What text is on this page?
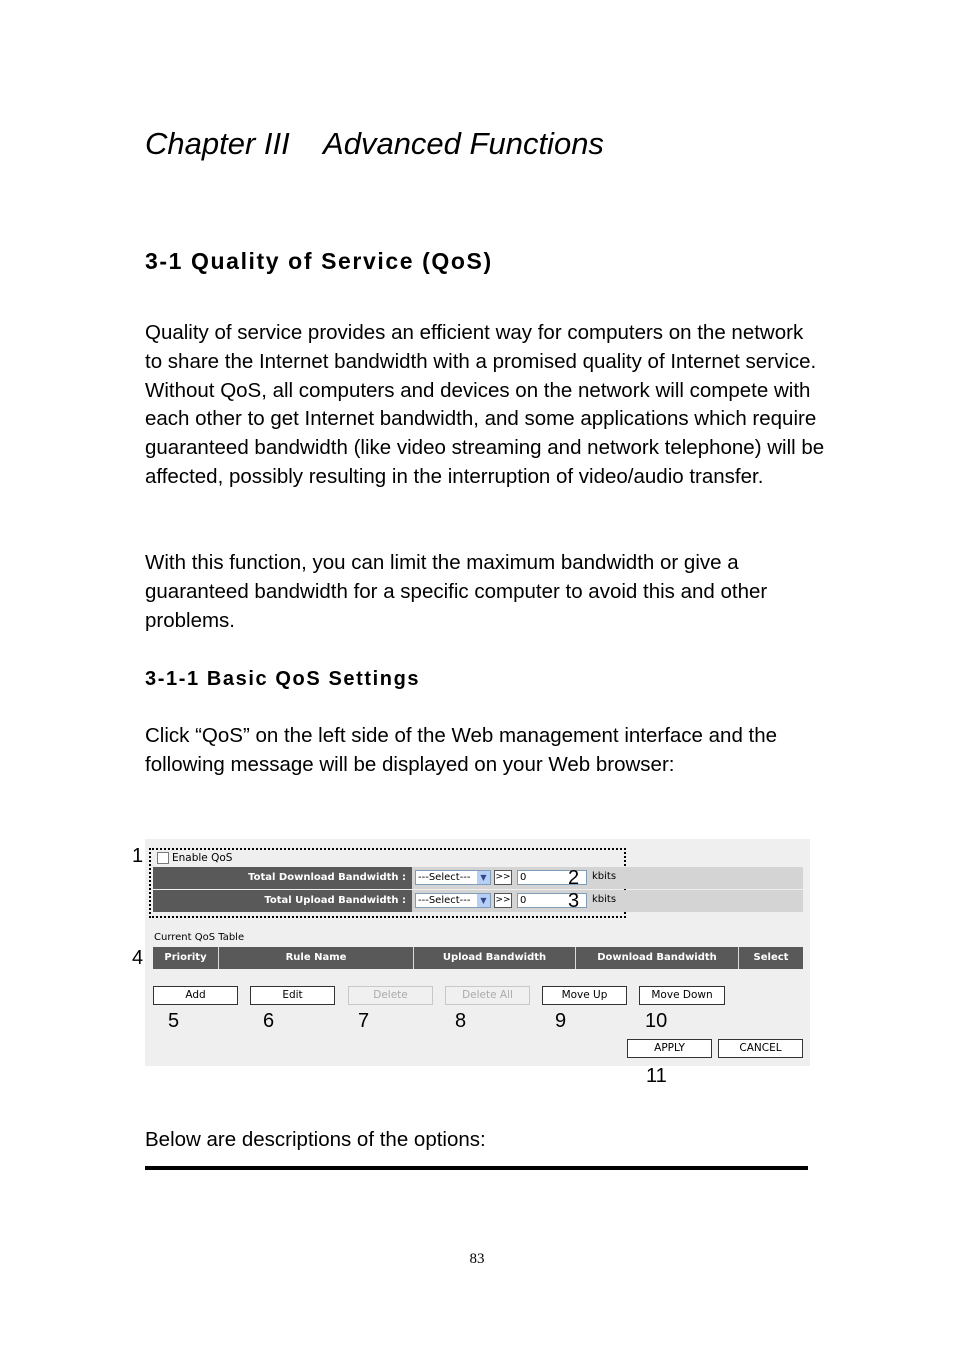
Chapter III    Advanced Functions
3-1 Quality of Service (QoS)
Quality of service provides an efficient way for computers on the network to share the Internet bandwidth with a promised quality of Internet service. Without QoS, all computers and devices on the network will compete with each other to get Internet bandwidth, and some applications which require guaranteed bandwidth (like video streaming and network telephone) will be affected, possibly resulting in the interruption of video/audio transfer.
With this function, you can limit the maximum bandwidth or give a guaranteed bandwidth for a specific computer to avoid this and other problems.
3-1-1 Basic QoS Settings
Click “QoS” on the left side of the Web management interface and the following message will be displayed on your Web browser:
1
4
Enable QoS
Total Download Bandwidth :	---Select---	▼ >> 0	kbits
Total Upload Bandwidth :	---Select---	▼ >> 0	kbits
2
3
Current QoS Table
Priority	Rule Name	Upload Bandwidth	Download Bandwidth	Select
Add	Edit	Delete	Delete All	Move Up	Move Down
5	6	7	8	9	10
APPLY	CANCEL
11
Below are descriptions of the options:
83
